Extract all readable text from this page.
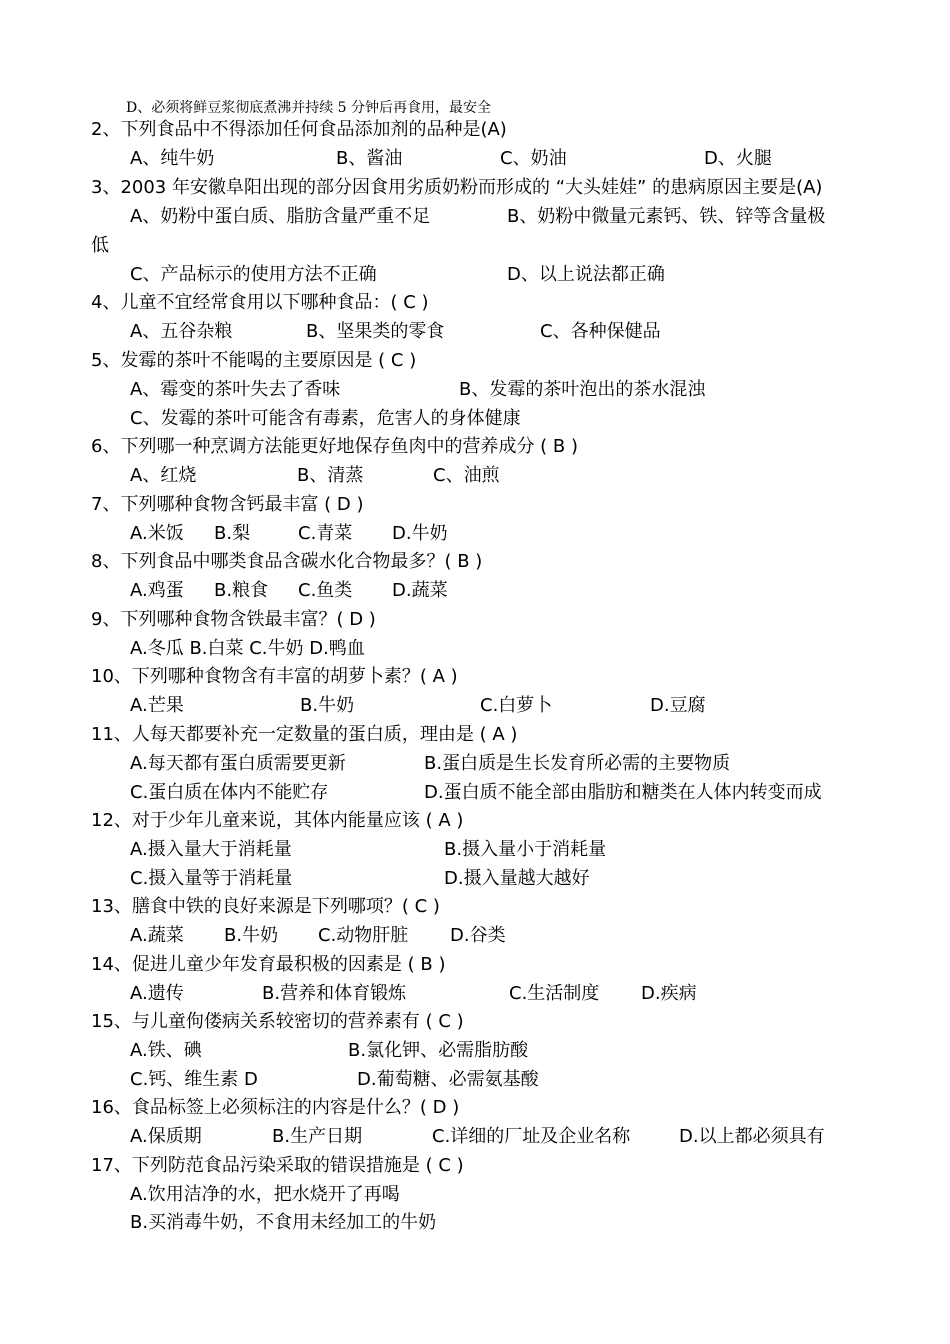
D、必须将鲜豆浆彻底煮沸并持续 5 分钟后再食用，最安全
2、下列食品中不得添加任何食品添加剂的品种是(A)
A、纯牛奶	B、酱油	C、奶油	D、火腿
3、2003 年安徽阜阳出现的部分因食用劣质奶粉而形成的 “大头娃娃” 的患病原因主要是(A)
A、奶粉中蛋白质、脂肪含量严重不足	B、奶粉中微量元素钙、铁、锌等含量极
低
C、产品标示的使用方法不正确	D、以上说法都正确
4、儿童不宜经常食用以下哪种食品：( C )
A、五谷杂粮	B、坚果类的零食	C、各种保健品
5、发霉的茶叶不能喝的主要原因是 ( C )
A、霉变的茶叶失去了香味	B、发霉的茶叶泡出的茶水混浊
C、发霉的茶叶可能含有毒素，危害人的身体健康
6、下列哪一种烹调方法能更好地保存鱼肉中的营养成分 ( B )
A、红烧	B、清蒸	C、油煎
7、下列哪种食物含钙最丰富 ( D )
A.米饭 B.梨	C.青菜 D.牛奶
8、下列食品中哪类食品含碳水化合物最多？( B )
A.鸡蛋 B.粮食 C.鱼类 D.蔬菜
9、下列哪种食物含铁最丰富？( D )
A.冬瓜 B.白菜 C.牛奶 D.鸭血
10、下列哪种食物含有丰富的胡萝卜素？( A )
A.芒果	B.牛奶	C.白萝卜	D.豆腐
11、人每天都要补充一定数量的蛋白质，理由是 ( A )
A.每天都有蛋白质需要更新	B.蛋白质是生长发育所必需的主要物质
C.蛋白质在体内不能贮存	D.蛋白质不能全部由脂肪和糖类在人体内转变而成
12、对于少年儿童来说，其体内能量应该 ( A )
A.摄入量大于消耗量	B.摄入量小于消耗量
C.摄入量等于消耗量	D.摄入量越大越好
13、膳食中铁的良好来源是下列哪项？( C )
A.蔬菜 B.牛奶 C.动物肝脏 D.谷类
14、促进儿童少年发育最积极的因素是 ( B )
A.遗传	B.营养和体育锻炼	C.生活制度 D.疾病
15、与儿童佝偻病关系较密切的营养素有 ( C )
A.铁、碘	B.氯化钾、必需脂肪酸
C.钙、维生素 D	D.葡萄糖、必需氨基酸
16、食品标签上必须标注的内容是什么？( D )
A.保质期	B.生产日期	C.详细的厂址及企业名称	D.以上都必须具有
17、下列防范食品污染采取的错误措施是 ( C )
A.饮用洁净的水，把水烧开了再喝
B.买消毒牛奶，不食用未经加工的牛奶
